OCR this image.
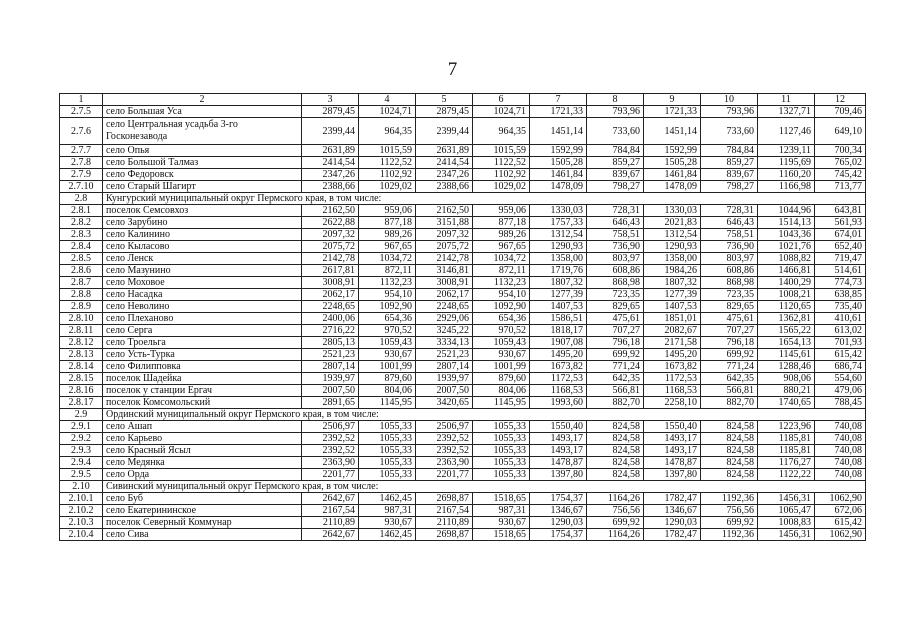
7
1	2	3	4	5	6	7	8	9	10	11	12
2.7.5	село Большая Уса	2879,45	1024,71	2879,45	1024,71	1721,33	793,96	1721,33	793,96	1327,71	709,46
2.7.6	село Центральная усадьба 3-го Госконезавода	2399,44	964,35	2399,44	964,35	1451,14	733,60	1451,14	733,60	1127,46	649,10
2.7.7	село Опья	2631,89	1015,59	2631,89	1015,59	1592,99	784,84	1592,99	784,84	1239,11	700,34
2.7.8	село Большой Талмаз	2414,54	1122,52	2414,54	1122,52	1505,28	859,27	1505,28	859,27	1195,69	765,02
2.7.9	село Федоровск	2347,26	1102,92	2347,26	1102,92	1461,84	839,67	1461,84	839,67	1160,20	745,42
2.7.10	село Старый Шагирт	2388,66	1029,02	2388,66	1029,02	1478,09	798,27	1478,09	798,27	1166,98	713,77
2.8	Кунгурский муниципальный округ Пермского края, в том числе:										
2.8.1	поселок Семсовхоз	2162,50	959,06	2162,50	959,06	1330,03	728,31	1330,03	728,31	1044,96	643,81
2.8.2	село Зарубино	2622,88	877,18	3151,88	877,18	1757,33	646,43	2021,83	646,43	1514,13	561,93
2.8.3	село Калинино	2097,32	989,26	2097,32	989,26	1312,54	758,51	1312,54	758,51	1043,36	674,01
2.8.4	село Кыласово	2075,72	967,65	2075,72	967,65	1290,93	736,90	1290,93	736,90	1021,76	652,40
2.8.5	село Ленск	2142,78	1034,72	2142,78	1034,72	1358,00	803,97	1358,00	803,97	1088,82	719,47
2.8.6	село Мазунино	2617,81	872,11	3146,81	872,11	1719,76	608,86	1984,26	608,86	1466,81	514,61
2.8.7	село Моховое	3008,91	1132,23	3008,91	1132,23	1807,32	868,98	1807,32	868,98	1400,29	774,73
2.8.8	село Насадка	2062,17	954,10	2062,17	954,10	1277,39	723,35	1277,39	723,35	1008,21	638,85
2.8.9	село Неволино	2248,65	1092,90	2248,65	1092,90	1407,53	829,65	1407,53	829,65	1120,65	735,40
2.8.10	село Плеханово	2400,06	654,36	2929,06	654,36	1586,51	475,61	1851,01	475,61	1362,81	410,61
2.8.11	село Серга	2716,22	970,52	3245,22	970,52	1818,17	707,27	2082,67	707,27	1565,22	613,02
2.8.12	село Троельга	2805,13	1059,43	3334,13	1059,43	1907,08	796,18	2171,58	796,18	1654,13	701,93
2.8.13	село Усть-Турка	2521,23	930,67	2521,23	930,67	1495,20	699,92	1495,20	699,92	1145,61	615,42
2.8.14	село Филипповка	2807,14	1001,99	2807,14	1001,99	1673,82	771,24	1673,82	771,24	1288,46	686,74
2.8.15	поселок Шадейка	1939,97	879,60	1939,97	879,60	1172,53	642,35	1172,53	642,35	908,06	554,60
2.8.16	поселок у станции Ергач	2007,50	804,06	2007,50	804,06	1168,53	566,81	1168,53	566,81	880,21	479,06
2.8.17	поселок Комсомольский	2891,65	1145,95	3420,65	1145,95	1993,60	882,70	2258,10	882,70	1740,65	788,45
2.9	Ординский муниципальный округ Пермского края, в том числе:										
2.9.1	село Ашап	2506,97	1055,33	2506,97	1055,33	1550,40	824,58	1550,40	824,58	1223,96	740,08
2.9.2	село Карьево	2392,52	1055,33	2392,52	1055,33	1493,17	824,58	1493,17	824,58	1185,81	740,08
2.9.3	село Красный Ясыл	2392,52	1055,33	2392,52	1055,33	1493,17	824,58	1493,17	824,58	1185,81	740,08
2.9.4	село Медянка	2363,90	1055,33	2363,90	1055,33	1478,87	824,58	1478,87	824,58	1176,27	740,08
2.9.5	село Орда	2201,77	1055,33	2201,77	1055,33	1397,80	824,58	1397,80	824,58	1122,22	740,08
2.10	Сивинский муниципальный округ Пермского края, в том числе:										
2.10.1	село Буб	2642,67	1462,45	2698,87	1518,65	1754,37	1164,26	1782,47	1192,36	1456,31	1062,90
2.10.2	село Екатерининское	2167,54	987,31	2167,54	987,31	1346,67	756,56	1346,67	756,56	1065,47	672,06
2.10.3	поселок Северный Коммунар	2110,89	930,67	2110,89	930,67	1290,03	699,92	1290,03	699,92	1008,83	615,42
2.10.4	село Сива	2642,67	1462,45	2698,87	1518,65	1754,37	1164,26	1782,47	1192,36	1456,31	1062,90
